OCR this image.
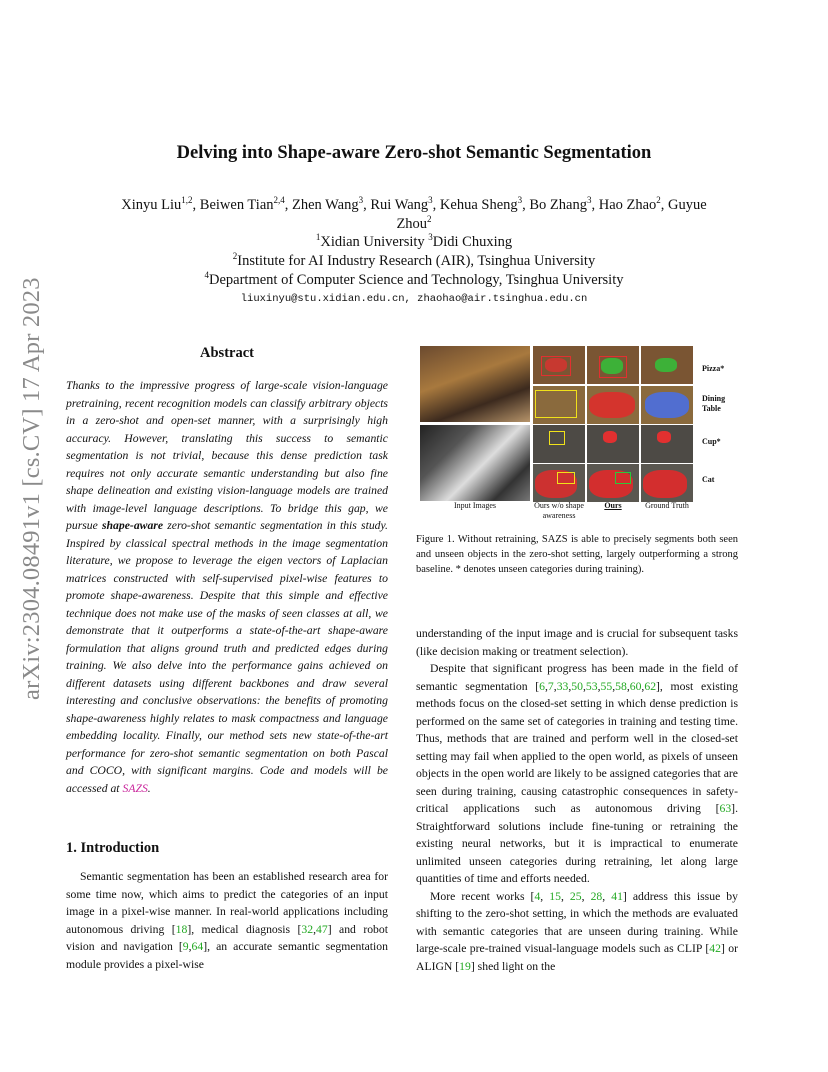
arXiv:2304.08491v1 [cs.CV] 17 Apr 2023
Delving into Shape-aware Zero-shot Semantic Segmentation
Xinyu Liu$^{1,2}$, Beiwen Tian$^{2,4}$, Zhen Wang$^3$, Rui Wang$^3$, Kehua Sheng$^3$, Bo Zhang$^3$, Hao Zhao$^2$, Guyue Zhou$^2$
$^1$Xidian University $^3$Didi Chuxing
$^2$Institute for AI Industry Research (AIR), Tsinghua University
$^4$Department of Computer Science and Technology, Tsinghua University
liuxinyu@stu.xidian.edu.cn, zhaohao@air.tsinghua.edu.cn
Abstract
Thanks to the impressive progress of large-scale vision-language pretraining, recent recognition models can classify arbitrary objects in a zero-shot and open-set manner, with a surprisingly high accuracy. However, translating this success to semantic segmentation is not trivial, because this dense prediction task requires not only accurate semantic understanding but also fine shape delineation and existing vision-language models are trained with image-level language descriptions. To bridge this gap, we pursue shape-aware zero-shot semantic segmentation in this study. Inspired by classical spectral methods in the image segmentation literature, we propose to leverage the eigen vectors of Laplacian matrices constructed with self-supervised pixel-wise features to promote shape-awareness. Despite that this simple and effective technique does not make use of the masks of seen classes at all, we demonstrate that it outperforms a state-of-the-art shape-aware formulation that aligns ground truth and predicted edges during training. We also delve into the performance gains achieved on different datasets using different backbones and draw several interesting and conclusive observations: the benefits of promoting shape-awareness highly relates to mask compactness and language embedding locality. Finally, our method sets new state-of-the-art performance for zero-shot semantic segmentation on both Pascal and COCO, with significant margins. Code and models will be accessed at SAZS.
1. Introduction

Semantic segmentation has been an established research area for some time now, which aims to predict the categories of an input image in a pixel-wise manner. In real-world applications including autonomous driving [18], medical diagnosis [32,47] and robot vision and navigation [9,64], an accurate semantic segmentation module provides a pixel-wise

Pizza*
Dining Table
Cup*
Cat
Input Images	Ours w/o shape awareness
Ours	Ground Truth
Figure 1. Without retraining, SAZS is able to precisely segments both seen and unseen objects in the zero-shot setting, largely outperforming a strong baseline. * denotes unseen categories during training).

understanding of the input image and is crucial for subsequent tasks (like decision making or treatment selection).

Despite that significant progress has been made in the field of semantic segmentation [6,7,33,50,53,55,58,60,62], most existing methods focus on the closed-set setting in which dense prediction is performed on the same set of categories in training and testing time. Thus, methods that are trained and perform well in the closed-set setting may fail when applied to the open world, as pixels of unseen objects in the open world are likely to be assigned categories that are seen during training, causing catastrophic consequences in safety-critical applications such as autonomous driving [63]. Straightforward solutions include fine-tuning or retraining the existing neural networks, but it is impractical to enumerate unlimited unseen categories during retraining, let along large quantities of time and efforts needed.

More recent works [4, 15, 25, 28, 41] address this issue by shifting to the zero-shot setting, in which the methods are evaluated with semantic categories that are unseen during training. While large-scale pre-trained visual-language models such as CLIP [42] or ALIGN [19] shed light on the
